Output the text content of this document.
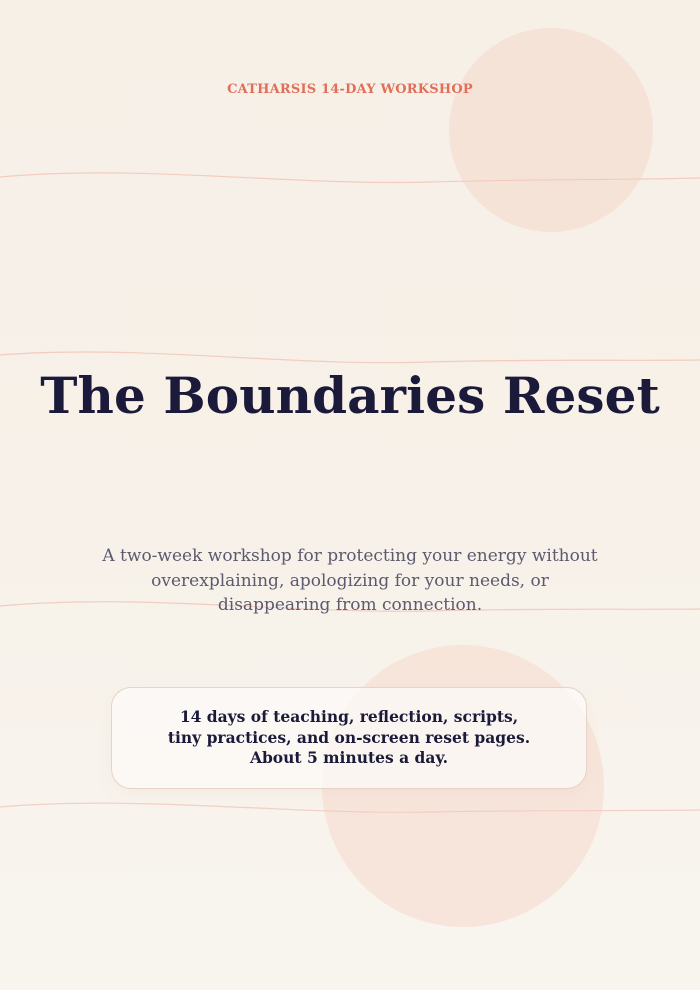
CATHARSIS 14-DAY WORKSHOP
The Boundaries Reset

A two-week workshop for protecting your energy without overexplaining, apologizing for your needs, or disappearing from connection.

14 days of teaching, reflection, scripts, tiny practices, and on-screen reset pages. About 5 minutes a day.
